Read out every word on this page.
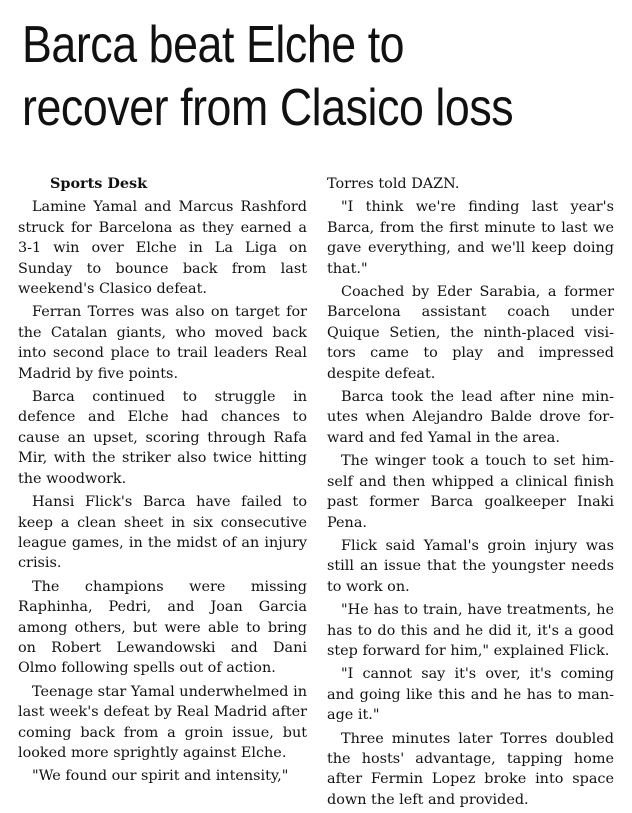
Barca beat Elche to
recover from Clasico loss

Sports Desk

Lamine Yamal and Marcus Rashford struck for Barcelona as they earned a 3-1 win over Elche in La Liga on Sunday to bounce back from last weekend's Clasico defeat.

Ferran Torres was also on target for the Catalan giants, who moved back into second place to trail leaders Real Madrid by five points.

Barca continued to struggle in defence and Elche had chances to cause an upset, scoring through Rafa Mir, with the striker also twice hitting the woodwork.

Hansi Flick's Barca have failed to keep a clean sheet in six consecutive league games, in the midst of an injury crisis.

The champions were missing Raphinha, Pedri, and Joan Garcia among others, but were able to bring on Robert Lewandowski and Dani Olmo following spells out of action.

Teenage star Yamal underwhelmed in last week's defeat by Real Madrid after coming back from a groin issue, but looked more sprightly against Elche.

"We found our spirit and intensity,"

Torres told DAZN.

"I think we're finding last year's Barca, from the first minute to last we gave everything, and we'll keep doing that."

Coached by Eder Sarabia, a former Barcelona assistant coach under Quique Setien, the ninth-placed visitors came to play and impressed despite defeat.

Barca took the lead after nine minutes when Alejandro Balde drove forward and fed Yamal in the area.

The winger took a touch to set himself and then whipped a clinical finish past former Barca goalkeeper Inaki Pena.

Flick said Yamal's groin injury was still an issue that the youngster needs to work on.

"He has to train, have treatments, he has to do this and he did it, it's a good step forward for him," explained Flick.

"I cannot say it's over, it's coming and going like this and he has to manage it."

Three minutes later Torres doubled the hosts' advantage, tapping home after Fermin Lopez broke into space down the left and provided.
